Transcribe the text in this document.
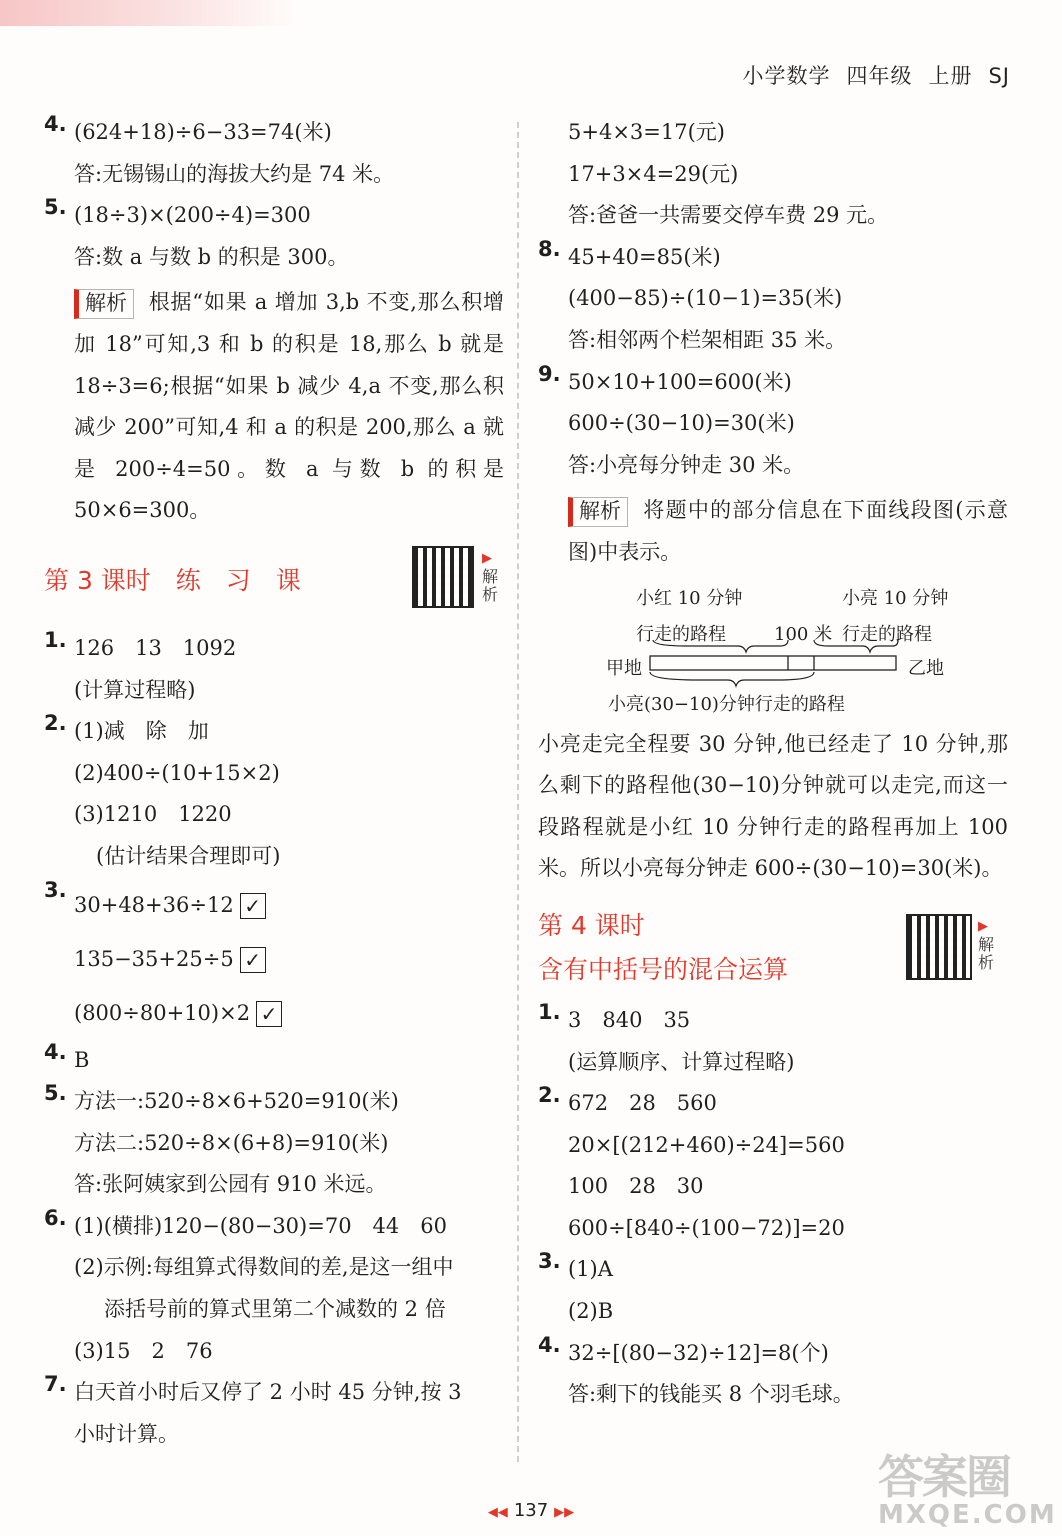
小学数学 四年级 上册 SJ
4. (624+18)÷6−33=74(米)
答:无锡锡山的海拔大约是 74 米。
5. (18÷3)×(200÷4)=300
答:数 a 与数 b 的积是 300。
解析 根据“如果 a 增加 3,b 不变,那么积增加 18”可知,3 和 b 的积是 18,那么 b 就是 18÷3=6;根据“如果 b 减少 4,a 不变,那么积减少 200”可知,4 和 a 的积是 200,那么 a 就是 200÷4=50。数 a 与数 b 的积是 50×6=300。
第 3 课时　练　习　课
▶ 解析
1. 126　13　1092
(计算过程略)
2. (1)减　除　加
(2)400÷(10+15×2)
(3)1210　1220
(估计结果合理即可)
3.
30+48+36÷12 ✓
135−35+25÷5 ✓
(800÷80+10)×2 ✓
4. B
5. 方法一:520÷8×6+520=910(米)
方法二:520÷8×(6+8)=910(米)
答:张阿姨家到公园有 910 米远。
6. (1)(横排)120−(80−30)=70　44　60
(2)示例:每组算式得数间的差,是这一组中
添括号前的算式里第二个减数的 2 倍
(3)15　2　76
7. 白天首小时后又停了 2 小时 45 分钟,按 3
小时计算。
5+4×3=17(元)
17+3×4=29(元)
答:爸爸一共需要交停车费 29 元。
8. 45+40=85(米)
(400−85)÷(10−1)=35(米)
答:相邻两个栏架相距 35 米。
9. 50×10+100=600(米)
600÷(30−10)=30(米)
答:小亮每分钟走 30 米。
解析 将题中的部分信息在下面线段图(示意图)中表示。
小红 10 分钟
行走的路程	100 米
小亮 10 分钟
行走的路程
甲地	乙地
小亮(30−10)分钟行走的路程
小亮走完全程要 30 分钟,他已经走了 10 分钟,那么剩下的路程他(30−10)分钟就可以走完,而这一段路程就是小红 10 分钟行走的路程再加上 100 米。所以小亮每分钟走 600÷(30−10)=30(米)。
第 4 课时
含有中括号的混合运算
▶ 解析
1. 3　840　35
(运算顺序、计算过程略)
2. 672　28　560
20×[(212+460)÷24]=560
100　28　30
600÷[840÷(100−72)]=20
3. (1)A
(2)B
4. 32÷[(80−32)÷12]=8(个)
答:剩下的钱能买 8 个羽毛球。
◀◀ 137 ▶▶
答案圈
MXQE.COM
